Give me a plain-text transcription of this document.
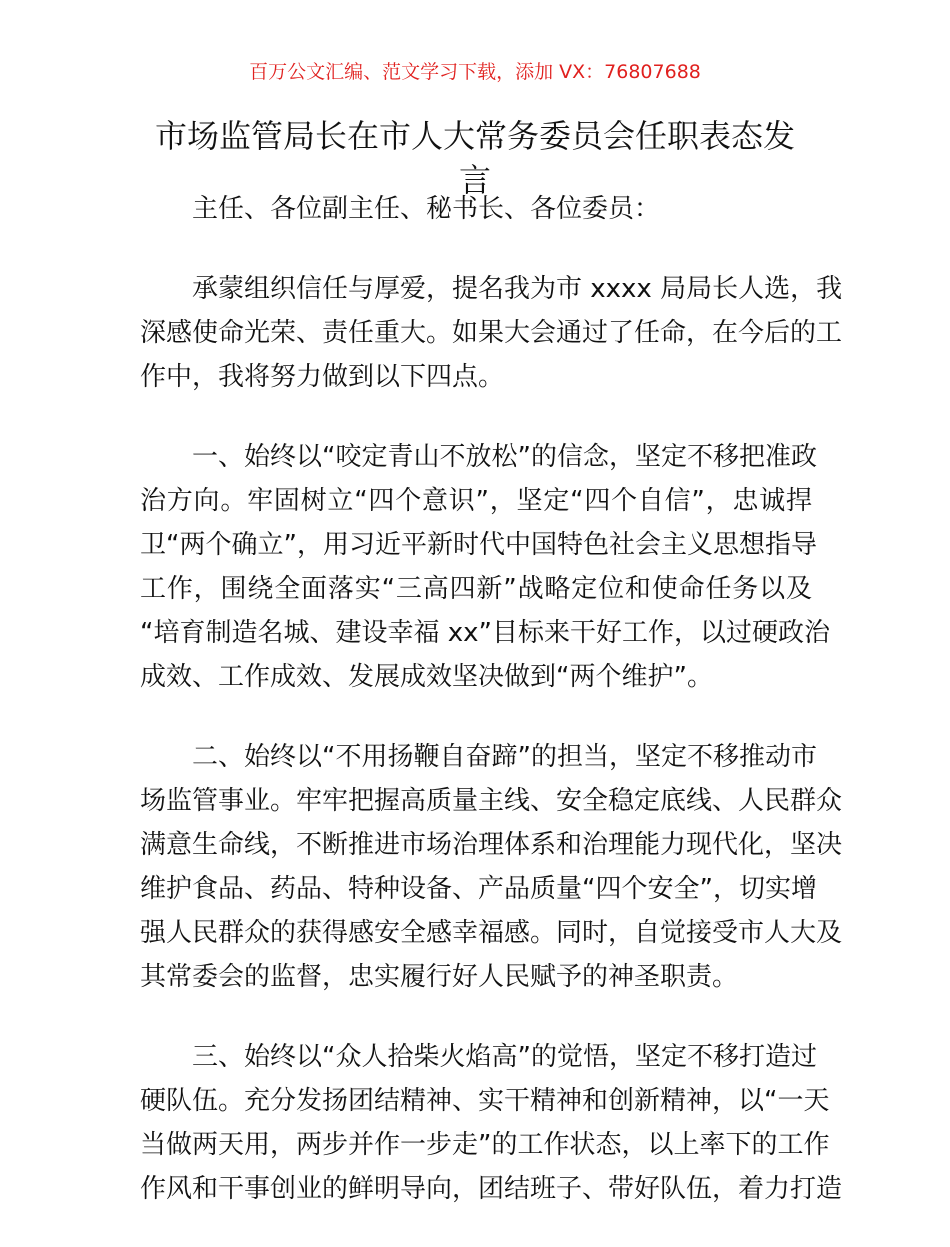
百万公文汇编、范文学习下载，添加 VX：76807688
市场监管局长在市人大常务委员会任职表态发
言
主任、各位副主任、秘书长、各位委员：
承蒙组织信任与厚爱，提名我为市 xxxx 局局长人选，我
深感使命光荣、责任重大。如果大会通过了任命，在今后的工
作中，我将努力做到以下四点。
一、始终以“咬定青山不放松”的信念，坚定不移把准政
治方向。牢固树立“四个意识”，坚定“四个自信”，忠诚捍
卫“两个确立”，用习近平新时代中国特色社会主义思想指导
工作，围绕全面落实“三高四新”战略定位和使命任务以及
“培育制造名城、建设幸福 xx”目标来干好工作，以过硬政治
成效、工作成效、发展成效坚决做到“两个维护”。
二、始终以“不用扬鞭自奋蹄”的担当，坚定不移推动市
场监管事业。牢牢把握高质量主线、安全稳定底线、人民群众
满意生命线，不断推进市场治理体系和治理能力现代化，坚决
维护食品、药品、特种设备、产品质量“四个安全”，切实增
强人民群众的获得感安全感幸福感。同时，自觉接受市人大及
其常委会的监督，忠实履行好人民赋予的神圣职责。
三、始终以“众人拾柴火焰高”的觉悟，坚定不移打造过
硬队伍。充分发扬团结精神、实干精神和创新精神，以“一天
当做两天用，两步并作一步走”的工作状态，以上率下的工作
作风和干事创业的鲜明导向，团结班子、带好队伍，着力打造
